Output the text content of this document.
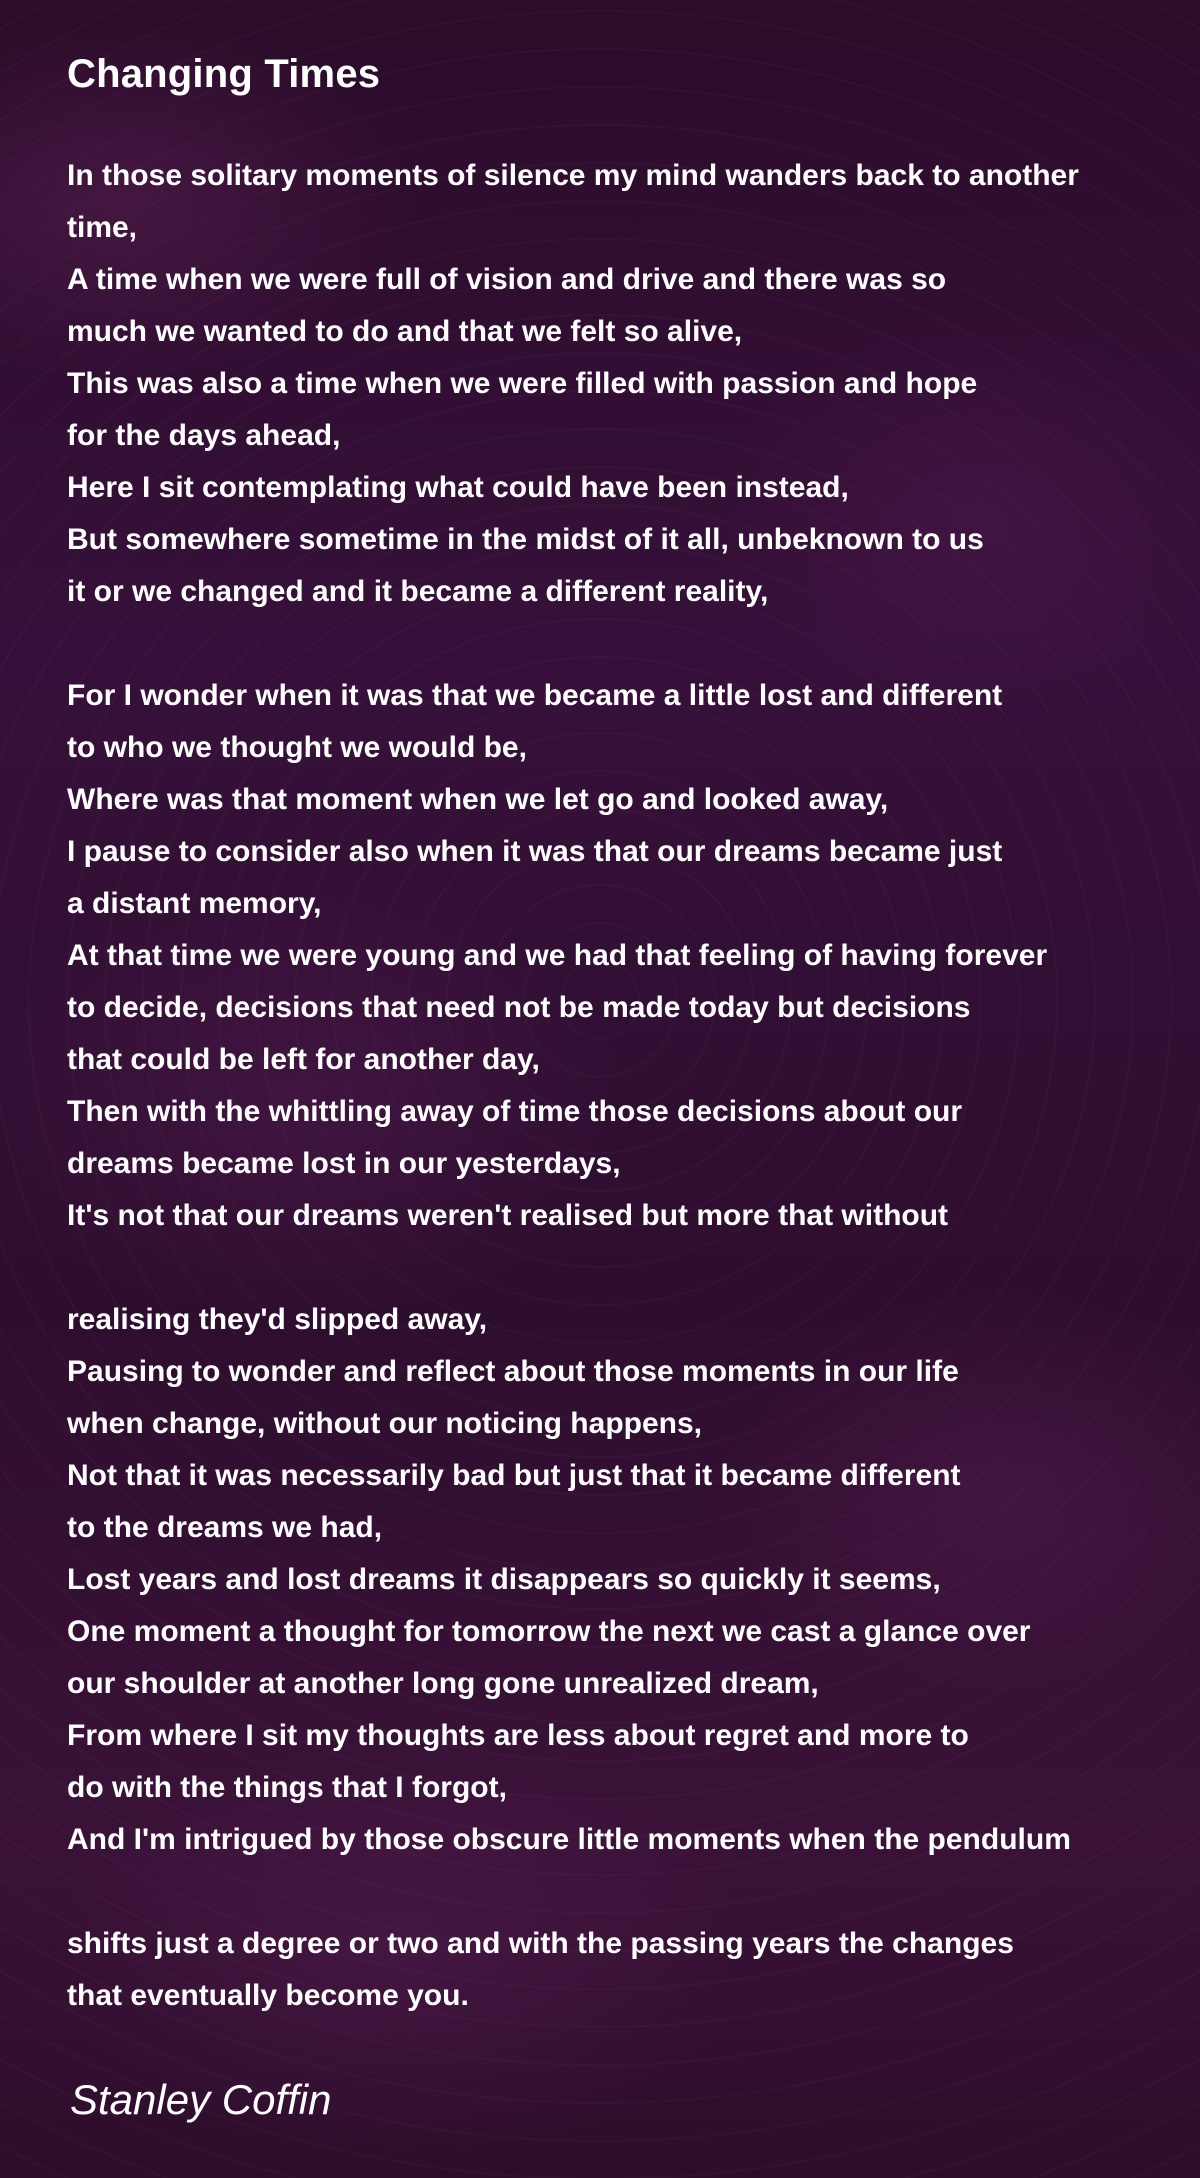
Changing Times
In those solitary moments of silence my mind wanders back to another
time,
A time when we were full of vision and drive and there was so
much we wanted to do and that we felt so alive,
This was also a time when we were filled with passion and hope
for the days ahead,
Here I sit contemplating what could have been instead,
But somewhere sometime in the midst of it all, unbeknown to us
it or we changed and it became a different reality,
For I wonder when it was that we became a little lost and different
to who we thought we would be,
Where was that moment when we let go and looked away,
I pause to consider also when it was that our dreams became just
a distant memory,
At that time we were young and we had that feeling of having forever
to decide, decisions that need not be made today but decisions
that could be left for another day,
Then with the whittling away of time those decisions about our
dreams became lost in our yesterdays,
It's not that our dreams weren't realised but more that without
realising they'd slipped away,
Pausing to wonder and reflect about those moments in our life
when change, without our noticing happens,
Not that it was necessarily bad but just that it became different
to the dreams we had,
Lost years and lost dreams it disappears so quickly it seems,
One moment a thought for tomorrow the next we cast a glance over
our shoulder at another long gone unrealized dream,
From where I sit my thoughts are less about regret and more to
do with the things that I forgot,
And I'm intrigued by those obscure little moments when the pendulum
shifts just a degree or two and with the passing years the changes
that eventually become you.

Stanley Coffin
